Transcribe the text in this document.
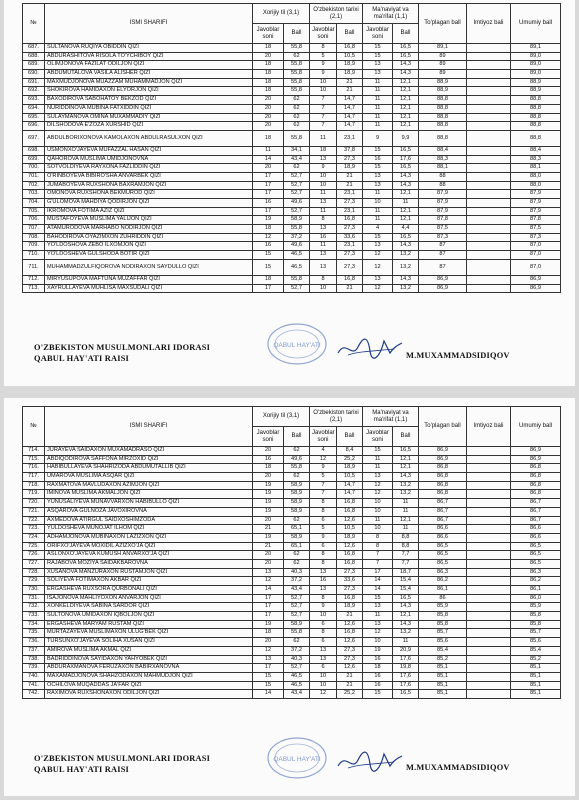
№	ISMI SHARIFI	Xorijiy til (3,1)		O'zbekiston tarixi (2,1)		Ma'naviyat va ma'rifat (1,1)		To'plagan ball	Imtiyoz bali	Umumiy ball
		Javoblar soni	Ball	Javoblar soni	Ball	Javoblar soni	Ball			
687.	SULTANOVA RUQIYA OBIDDIN QIZI	18	55,8	8	16,8	15	16,5	89,1		89,1
688.	ABDURASHITOVA RISOLA TO'YCHIBOY QIZI	20	62	5	10,5	15	16,5	89		89,0
689.	OLIMJONOVA FAZILAT ODILJON QIZI	18	55,8	9	18,9	13	14,3	89		89,0
690.	ABDUMUTALOVA VASILA ALISHER QIZI	18	55,8	9	18,9	13	14,3	89		89,0
691.	MAXMUDJONOVA MUAZZAM MUHAMMADJON QIZI	18	55,8	10	21	11	12,1	88,9		88,9
692.	SHOKIROVA HAMIDAXON ELYORJON QIZI	18	55,8	10	21	11	12,1	88,9		88,9
693.	BAXODIROVA SABOHATOY BEKZOD QIZI	20	62	7	14,7	11	12,1	88,8		88,8
694.	NURIDDINOVA MUBINA FATXIDDIN QIZI	20	62	7	14,7	11	12,1	88,8		88,8
695.	SULAYMANOVA OMINA MUXAMMADIY QIZI	20	62	7	14,7	11	12,1	88,8		88,8
696.	DILSHODOVA E'ZOZA XURSHID QIZI	20	62	7	14,7	11	12,1	88,8		88,8
697.	ABDULBORIXONOVA KAMOLAXON ABDULRASULXON QIZI	18	55,8	11	23,1	9	9,9	88,8		88,8
698.	USMONXO'JAYEVA MUFAZZAL HASAN QIZI	11	34,1	18	37,8	15	16,5	88,4		88,4
699.	QAHOROVA MUSLIMA UMIDJONOVNA	14	43,4	13	27,3	16	17,6	88,3		88,3
700.	SOTVOLDIYEVA RAYXONA FAZLIDDIN QIZI	20	62	9	18,9	15	16,5	88,1		88,1
701.	O'RINBOYEVA BIBIRO'SHA ANVARBEK QIZI	17	52,7	10	21	13	14,3	88		88,0
702.	JUMABOYEVA RUXSHONA BAXRAMJON QIZI	17	52,7	10	21	13	14,3	88		88,0
703.	OMONOVA RUXSHONA BEKMUROD QIZI	17	52,7	11	23,1	11	12,1	87,9		87,9
704.	G'ULOMOVA MAHDIYA QODIRJON QIZI	16	49,6	13	27,3	10	11	87,9		87,9
705.	IKROMOVA FOTIMA AZIZ QIZI	17	52,7	11	23,1	11	12,1	87,9		87,9
706.	MUSTAFOYEVA MUSLIMA YALIJON QIZI	19	58,9	8	16,8	11	12,1	87,8		87,8
707.	ATAMURODOVA MARHABO NODIRJON QIZI	18	55,8	13	27,3	4	4,4	87,5		87,5
708.	BAHODIROVA OYAZIMXON ZUHRIDDIN QIZI	12	37,2	16	33,6	15	16,5	87,3		87,3
709.	YO'LDOSHOVA ZEBO ILXOMJON QIZI	16	49,6	11	23,1	13	14,3	87		87,0
710.	YO'LDOSHEVA GULSHODA BOTIR QIZI	15	46,5	13	27,3	12	13,2	87		87,0
711.	MUHAMMADZULFIQOROVA NODIRAXON SAYDULLO QIZI	15	46,5	13	27,3	12	13,2	87		87,0
712.	MIRYUSUPOVA MAFTUNA MUZAFFAR QIZI	18	55,8	8	16,8	13	14,3	86,9		86,9
713.	XAYRULLAYEVA MUHLISA MAXSUDALI QIZI	17	52,7	10	21	12	13,2	86,9		86,9
O'ZBEKISTON MUSULMONLARI IDORASI
QABUL HAY'ATI RAISI
QABUL HAY'ATI
M.MUXAMMADSIDIQOV
№	ISMI SHARIFI	Xorijiy til (3,1)		O'zbekiston tarixi (2,1)		Ma'naviyat va ma'rifat (1,1)		To'plagan ball	Imtiyoz bali	Umumiy ball
		Javoblar soni	Ball	Javoblar soni	Ball	Javoblar soni	Ball			
714.	JURAYEVA SAIDAXON MUXAMADRASO QIZI	20	62	4	8,4	15	16,5	86,9		86,9
715.	ABDIQODIROVA SAFFONA MIRZOXID QIZI	16	49,6	12	25,2	11	12,1	86,9		86,9
716.	HABIBULLAYEVA SHAHRIZODA ABDUMUTALLIB QIZI	18	55,8	9	18,9	11	12,1	86,8		86,8
717.	UMAROVA MUSLIMA ASQAR QIZI	20	62	5	10,5	13	14,3	86,8		86,8
718.	RAXMATOVA MAVLUDAXON AZIMJON QIZI	19	58,9	7	14,7	12	13,2	86,8		86,8
719.	IMINOVA MUSLIMA AKMALJON QIZI	19	58,9	7	14,7	12	13,2	86,8		86,8
720.	YUNUSALIYEVA MUNAVVARXON HABIBULLO QIZI	19	58,9	8	16,8	10	11	86,7		86,7
721.	ASQAROVA GULNOZA JAVOXIROVNA	19	58,9	8	16,8	10	11	86,7		86,7
722.	AXMEDOVA ATIRGUL SAIDXOSHIMZODA	20	62	6	12,6	11	12,1	86,7		86,7
723.	YULDOSHEVA MUNOJAT ILHOM QIZI	21	65,1	5	10,5	10	11	86,6		86,6
724.	ADHAMJONOVA MUBINAXON LAZIZXON QIZI	19	58,9	9	18,9	8	8,8	86,6		86,6
725.	ORIFXO'JAYEVA MOXIDIL AZIZXO'JA QIZI	21	65,1	6	12,6	8	8,8	86,5		86,5
726.	ASLONXO'JAYEVA KUMUSH ANVARXO'JA QIZI	20	62	8	16,8	7	7,7	86,5		86,5
727.	RAJABOVA MOZIYA SAIDAKBAROVNA	20	62	8	16,8	7	7,7	86,5		86,5
728.	XUSANOVA MANZURAXON RUSTAMJON QIZI	13	40,3	13	27,3	17	18,7	86,3		86,3
729.	SOLIYEVA FOTIMAXON AKBAR QIZI	12	37,2	16	33,6	14	15,4	86,2		86,2
730.	ERGASHEVA RUXSORA QURBONALI QIZI	14	43,4	13	27,3	14	15,4	86,1		86,1
731.	ISAJONOVA MAHLIYOXON ANVARJON QIZI	17	52,7	8	16,8	15	16,5	86		86,0
732.	XONKELDIYEVA SABINA SARDOR QIZI	17	52,7	9	18,9	13	14,3	85,9		85,9
733.	SULTONOVA UMIDAXON IQBOLJON QIZI	17	52,7	10	21	11	12,1	85,8		85,8
734.	ERGASHEVA MARYAM RUSTAM QIZI	19	58,9	6	12,6	13	14,3	85,8		85,8
735.	MURTAZAYEVA MUSLIMAXON ULUG'BEK QIZI	18	55,8	8	16,8	12	13,2	85,7		85,7
736.	TURSUNXO'JAYEVA SOLIHA XUSAN QIZI	20	62	6	12,6	10	11	85,6		85,6
737.	AMIROVA MUSLIMA AKMAL QIZI	12	37,2	13	27,3	19	20,9	85,4		85,4
738.	BADRIDDINOVA SAYIDAXON YAHYOBEK QIZI	13	40,3	13	27,3	16	17,6	85,2		85,2
739.	ABDURAXMANOVA FERUZAXON BABIRXANOVNA	17	52,7	6	12,6	18	19,8	85,1		85,1
740.	MAXAMADJONOVA SHAHZODAXON MAHMUDJON QIZI	15	46,5	10	21	16	17,6	85,1		85,1
741.	OCHILOVA MUQADDAS JA'FAR QIZI	15	46,5	10	21	16	17,6	85,1		85,1
742.	RAXIMOVA RUXSHONAXON ODILJON QIZI	14	43,4	12	25,2	15	16,5	85,1		85,1
O'ZBEKISTON MUSULMONLARI IDORASI
QABUL HAY'ATI RAISI
QABUL HAY'ATI
M.MUXAMMADSIDIQOV
